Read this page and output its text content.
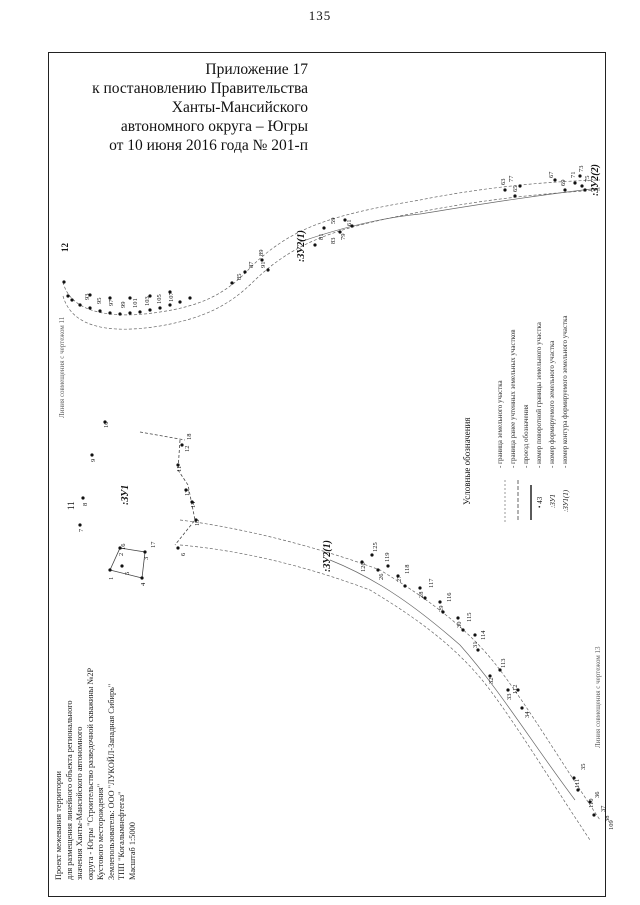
135
Приложение 17
к постановлению Правительства
Ханты-Мансийского
автономного округа – Югры
от 10 июня 2016 года № 201-п
11
12
:ЗУ1
:ЗУ2(1)
:ЗУ2(1)
:ЗУ2(2)
Линия совмещения с чертежом 11
Линия совмещения с чертежом 13
Условные обозначения	- граница земельного участка - граница ранее учтенных земельных участков - проезд обозначения - номер поворотной границы земельного участка - номер формируемого земельного участка - номер контура формируемого земельного участка
• 43 :ЗУ1 :ЗУ1(1)
Проект межевания территории для размещения линейного объекта регионального значения Ханты-Мансийского автономного округа - Югры "Строительство разведочной скважины №2Р Кустового месторождения" Землепользователь: ООО "ЛУКОЙЛ-Западная Сибирь" ТПП "Когалымнефтегаз" Масштаб 1:5000
59
63
65
67
69
71
73
75
77
79
81
83
85
87
89
91
93
95 97 99 101 103 105 107
61
120
125
26
119
27
118
28
117
29
116
30
115
31
114
32
113
33
112
34
111
35
110
36
37
38
109
1
2
3
4
5
6
7
8
9
10
11
12
13
14
15
16	17
18
